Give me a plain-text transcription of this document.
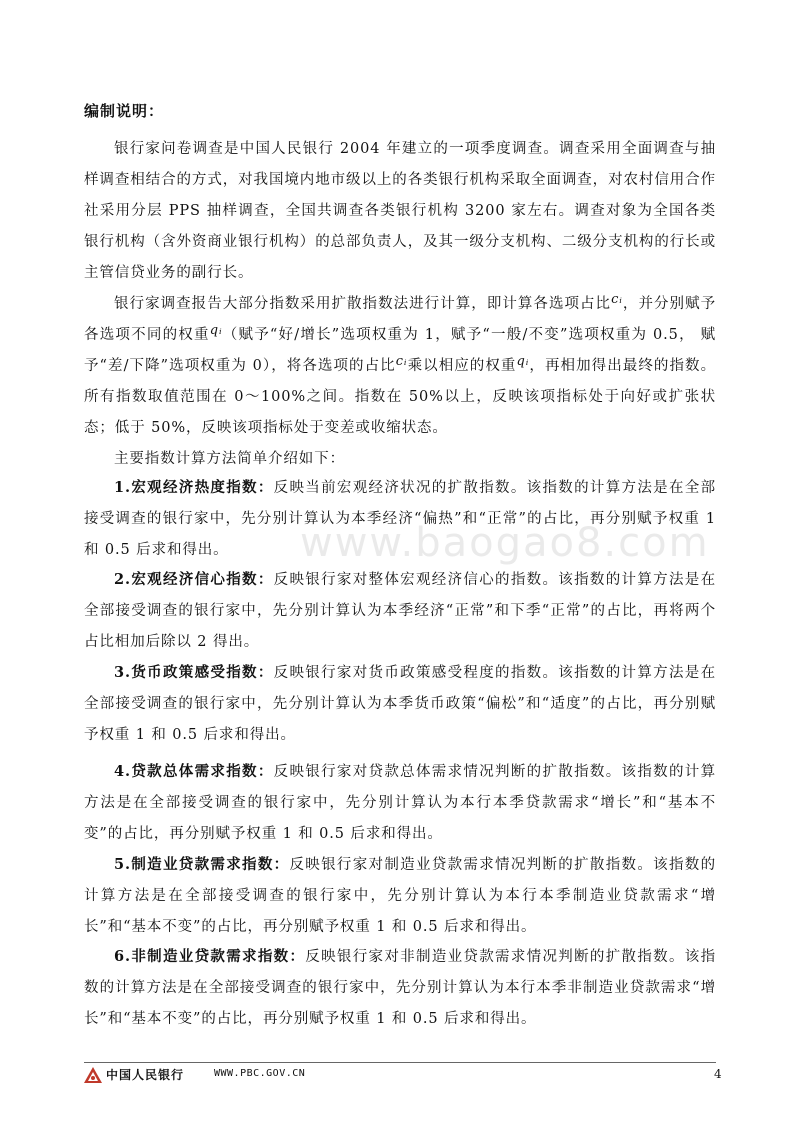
编制说明：

银行家问卷调查是中国人民银行 2004 年建立的一项季度调查。调查采用全面调查与抽样调查相结合的方式，对我国境内地市级以上的各类银行机构采取全面调查，对农村信用合作社采用分层 PPS 抽样调查，全国共调查各类银行机构 3200 家左右。调查对象为全国各类银行机构（含外资商业银行机构）的总部负责人，及其一级分支机构、二级分支机构的行长或主管信贷业务的副行长。

银行家调查报告大部分指数采用扩散指数法进行计算，即计算各选项占比cᵢ，并分别赋予各选项不同的权重qᵢ（赋予“好/增长”选项权重为 1，赋予“一般/不变”选项权重为 0.5， 赋予“差/下降”选项权重为 0），将各选项的占比cᵢ乘以相应的权重qᵢ，再相加得出最终的指数。所有指数取值范围在 0～100%之间。指数在 50%以上，反映该项指标处于向好或扩张状态；低于 50%，反映该项指标处于变差或收缩状态。

主要指数计算方法简单介绍如下：

1.宏观经济热度指数：反映当前宏观经济状况的扩散指数。该指数的计算方法是在全部接受调查的银行家中，先分别计算认为本季经济“偏热”和“正常”的占比，再分别赋予权重 1 和 0.5 后求和得出。

2.宏观经济信心指数：反映银行家对整体宏观经济信心的指数。该指数的计算方法是在全部接受调查的银行家中，先分别计算认为本季经济“正常”和下季“正常”的占比，再将两个占比相加后除以 2 得出。

3.货币政策感受指数：反映银行家对货币政策感受程度的指数。该指数的计算方法是在全部接受调查的银行家中，先分别计算认为本季货币政策“偏松”和“适度”的占比，再分别赋予权重 1 和 0.5 后求和得出。

4.贷款总体需求指数：反映银行家对贷款总体需求情况判断的扩散指数。该指数的计算方法是在全部接受调查的银行家中，先分别计算认为本行本季贷款需求“增长”和“基本不变”的占比，再分别赋予权重 1 和 0.5 后求和得出。

5.制造业贷款需求指数：反映银行家对制造业贷款需求情况判断的扩散指数。该指数的计算方法是在全部接受调查的银行家中，先分别计算认为本行本季制造业贷款需求“增长”和“基本不变”的占比，再分别赋予权重 1 和 0.5 后求和得出。

6.非制造业贷款需求指数：反映银行家对非制造业贷款需求情况判断的扩散指数。该指数的计算方法是在全部接受调查的银行家中，先分别计算认为本行本季非制造业贷款需求“增长”和“基本不变”的占比，再分别赋予权重 1 和 0.5 后求和得出。

www.baogao8.com
中国人民银行	WWW.PBC.GOV.CN	4
